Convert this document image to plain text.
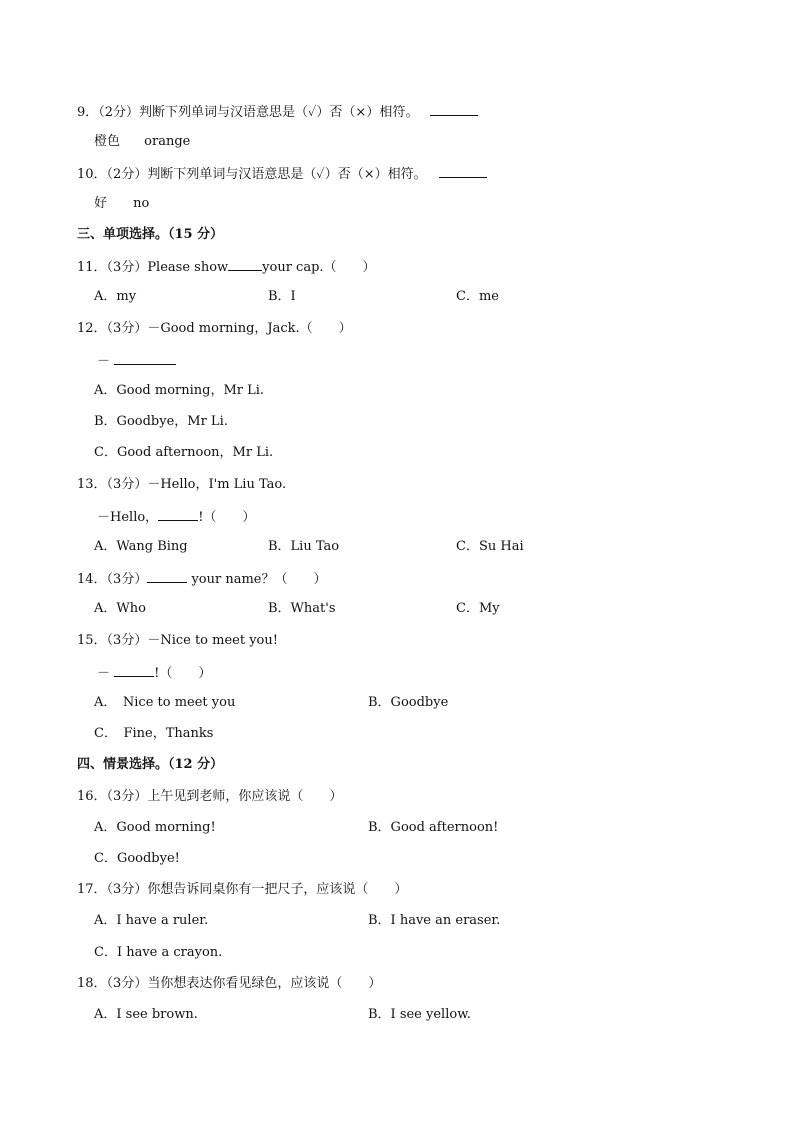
9．（2分）判断下列单词与汉语意思是（✓）否（×）相符。
橙色 orange
10．（2分）判断下列单词与汉语意思是（✓）否（×）相符。
好 no
三、单项选择。（15 分）
11．（3分）Please show	your cap.（　　）
A．my	B．I	C．me
12．（3分）－Good morning，Jack.（　　）
－
A．Good morning，Mr Li.
B．Goodbye，Mr Li.
C．Good afternoon，Mr Li.
13．（3分）－Hello，I'm Liu Tao.
－Hello，	!（　　）
A．Wang Bing	B．Liu Tao	C．Su Hai
14．（3分）	your name？（　　）
A．Who	B．What's	C．My
15．（3分）－Nice to meet you!
－	!（　　）
A．　Nice to meet you	B．Goodbye
C．　Fine，Thanks
四、情景选择。（12 分）
16．（3分）上午见到老师，你应该说（　　）
A．Good morning!	B．Good afternoon!
C．Goodbye!
17．（3分）你想告诉同桌你有一把尺子，应该说（　　）
A．I have a ruler.	B．I have an eraser.
C．I have a crayon.
18．（3分）当你想表达你看见绿色，应该说（　　）
A．I see brown.	B．I see yellow.
